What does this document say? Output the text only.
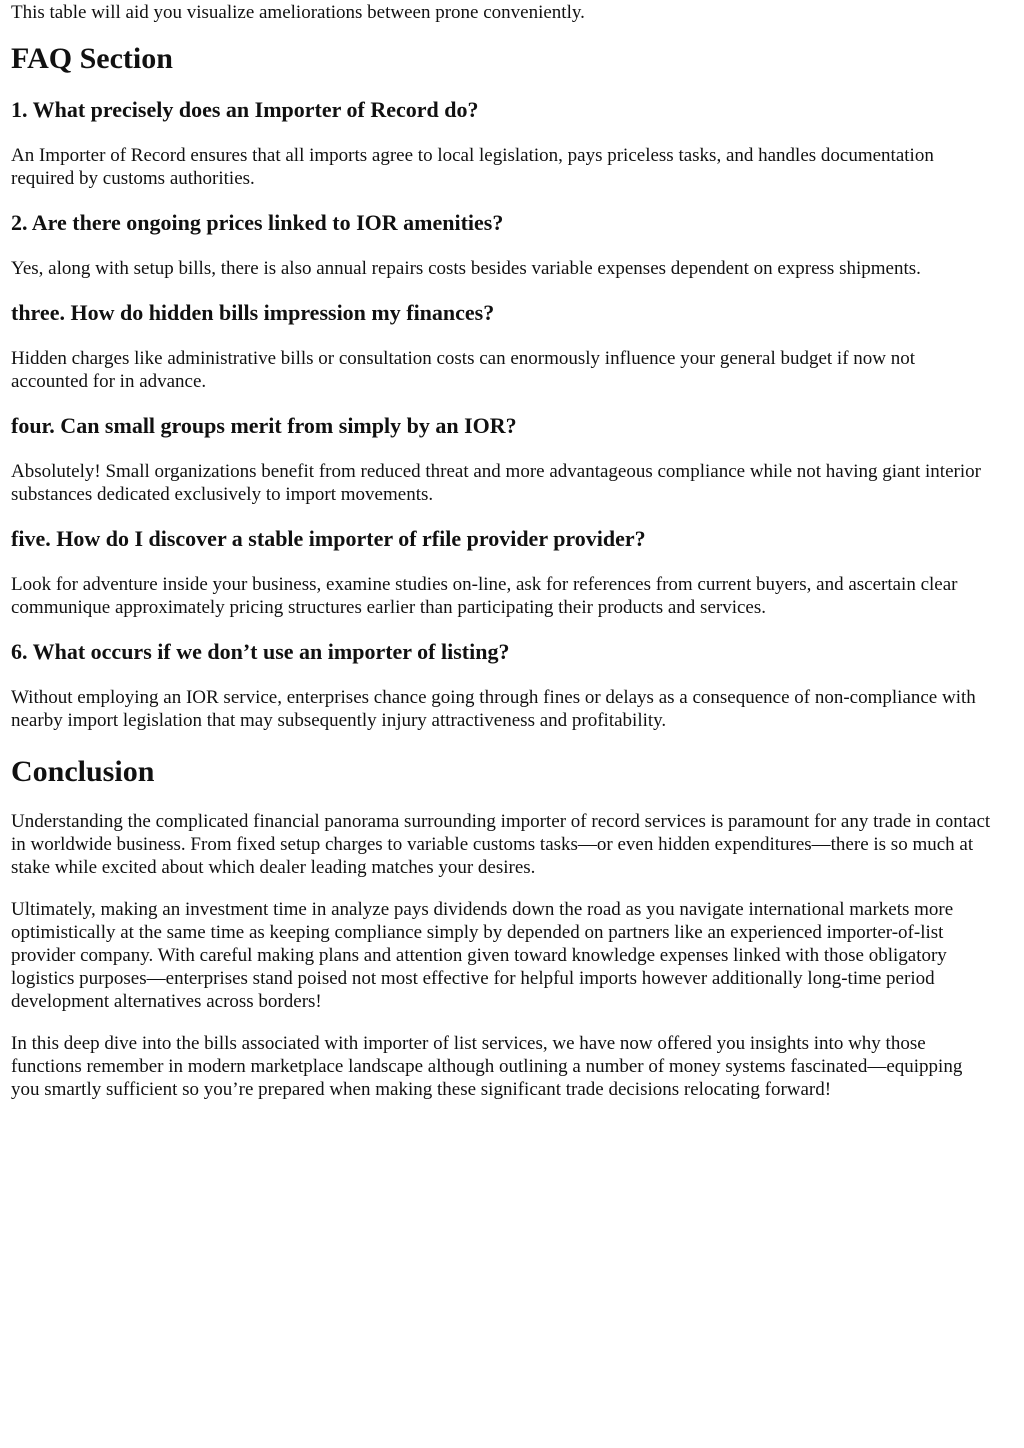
This table will aid you visualize ameliorations between prone conveniently.

FAQ Section
1. What precisely does an Importer of Record do?

An Importer of Record ensures that all imports agree to local legislation, pays priceless tasks, and handles documentation required by customs authorities.

2. Are there ongoing prices linked to IOR amenities?

Yes, along with setup bills, there is also annual repairs costs besides variable expenses dependent on express shipments.

three. How do hidden bills impression my finances?

Hidden charges like administrative bills or consultation costs can enormously influence your general budget if now not accounted for in advance.

four. Can small groups merit from simply by an IOR?

Absolutely! Small organizations benefit from reduced threat and more advantageous compliance while not having giant interior substances dedicated exclusively to import movements.

five. How do I discover a stable importer of rfile provider provider?

Look for adventure inside your business, examine studies on-line, ask for references from current buyers, and ascertain clear communique approximately pricing structures earlier than participating their products and services.

6. What occurs if we don’t use an importer of listing?

Without employing an IOR service, enterprises chance going through fines or delays as a consequence of non-compliance with nearby import legislation that may subsequently injury attractiveness and profitability.

Conclusion

Understanding the complicated financial panorama surrounding importer of record services is paramount for any trade in contact in worldwide business. From fixed setup charges to variable customs tasks—or even hidden expenditures—there is so much at stake while excited about which dealer leading matches your desires.

Ultimately, making an investment time in analyze pays dividends down the road as you navigate international markets more optimistically at the same time as keeping compliance simply by depended on partners like an experienced importer-of-list provider company. With careful making plans and attention given toward knowledge expenses linked with those obligatory logistics purposes—enterprises stand poised not most effective for helpful imports however additionally long-time period development alternatives across borders!

In this deep dive into the bills associated with importer of list services, we have now offered you insights into why those functions remember in modern marketplace landscape although outlining a number of money systems fascinated—equipping you smartly sufficient so you’re prepared when making these significant trade decisions relocating forward!
